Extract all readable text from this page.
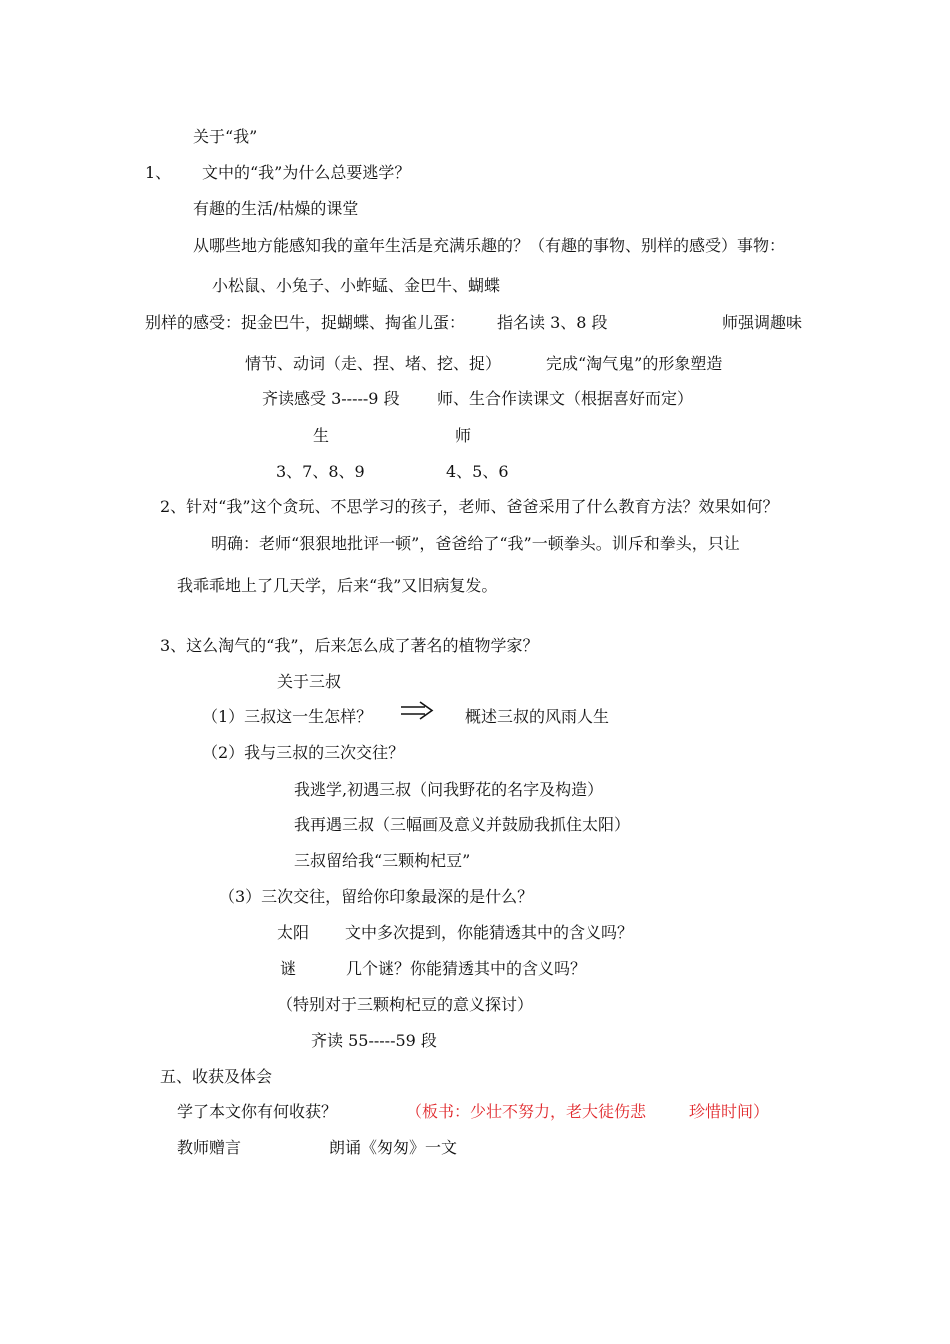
关于“我”
1、 文中的“我”为什么总要逃学？
有趣的生活/枯燥的课堂
从哪些地方能感知我的童年生活是充满乐趣的？（有趣的事物、别样的感受）事物：
小松鼠、小兔子、小蚱蜢、金巴牛、蝴蝶
别样的感受：捉金巴牛，捉蝴蝶、掏雀儿蛋： 指名读 3、8 段	师强调趣味
情节、动词（走、捏、堵、挖、捉）	完成“淘气鬼”的形象塑造
齐读感受 3-----9 段 师、生合作读课文（根据喜好而定）
生	师
3、7、8、9	4、5、6
2、针对“我”这个贪玩、不思学习的孩子，老师、爸爸采用了什么教育方法？效果如何？
明确：老师“狠狠地批评一顿”，爸爸给了“我”一顿拳头。训斥和拳头，只让
我乖乖地上了几天学，后来“我”又旧病复发。
3、这么淘气的“我”，后来怎么成了著名的植物学家？
关于三叔
（1）三叔这一生怎样？	概述三叔的风雨人生
（2）我与三叔的三次交往？
我逃学,初遇三叔（问我野花的名字及构造）
我再遇三叔（三幅画及意义并鼓励我抓住太阳）
三叔留给我“三颗枸杞豆”
（3）三次交往，留给你印象最深的是什么？
太阳 文中多次提到，你能猜透其中的含义吗？
谜	几个谜？你能猜透其中的含义吗？
（特别对于三颗枸杞豆的意义探讨）
齐读 55-----59 段
五、收获及体会
学了本文你有何收获？	（板书：少壮不努力，老大徒伤悲	珍惜时间）
教师赠言	朗诵《匆匆》一文
